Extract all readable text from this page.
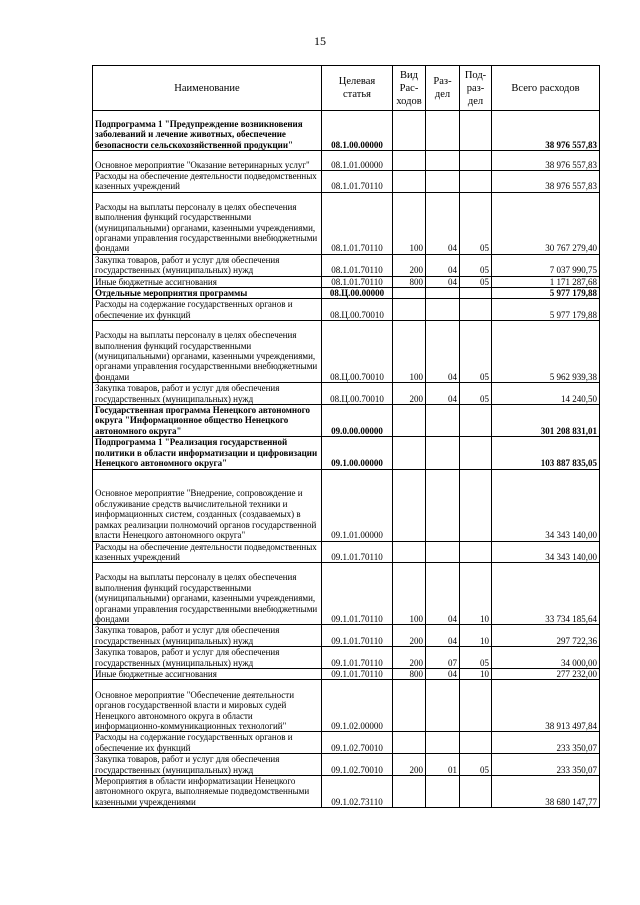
15
Наименование	Целевая статья	Вид Рас-ходов	Раз-дел	Под-раз-дел	Всего расходов
Подпрограмма 1 "Предупреждение возникновения заболеваний и лечение животных, обеспечение безопасности сельскохозяйственной продукции"	08.1.00.00000				38 976 557,83
Основное мероприятие "Оказание ветеринарных услуг"	08.1.01.00000				38 976 557,83
Расходы на обеспечение деятельности подведомственных казенных учреждений	08.1.01.70110				38 976 557,83
Расходы на выплаты персоналу в целях обеспечения выполнения функций государственными (муниципальными) органами, казенными учреждениями, органами управления государственными внебюджетными фондами	08.1.01.70110	100	04	05	30 767 279,40
Закупка товаров, работ и услуг для обеспечения государственных (муниципальных) нужд	08.1.01.70110	200	04	05	7 037 990,75
Иные бюджетные ассигнования	08.1.01.70110	800	04	05	1 171 287,68
Отдельные мероприятия программы	08.Ц.00.00000				5 977 179,88
Расходы на содержание государственных органов и обеспечение их функций	08.Ц.00.70010				5 977 179,88
Расходы на выплаты персоналу в целях обеспечения выполнения функций государственными (муниципальными) органами, казенными учреждениями, органами управления государственными внебюджетными фондами	08.Ц.00.70010	100	04	05	5 962 939,38
Закупка товаров, работ и услуг для обеспечения государственных (муниципальных) нужд	08.Ц.00.70010	200	04	05	14 240,50
Государственная программа Ненецкого автономного округа "Информационное общество Ненецкого автономного округа"	09.0.00.00000				301 208 831,01
Подпрограмма 1 "Реализация государственной политики в области информатизации и цифровизации Ненецкого автономного округа"	09.1.00.00000				103 887 835,05
Основное мероприятие "Внедрение, сопровождение и обслуживание средств вычислительной техники и информационных систем, созданных (создаваемых) в рамках реализации полномочий органов государственной власти Ненецкого автономного округа"	09.1.01.00000				34 343 140,00
Расходы на обеспечение деятельности подведомственных казенных учреждений	09.1.01.70110				34 343 140,00
Расходы на выплаты персоналу в целях обеспечения выполнения функций государственными (муниципальными) органами, казенными учреждениями, органами управления государственными внебюджетными фондами	09.1.01.70110	100	04	10	33 734 185,64
Закупка товаров, работ и услуг для обеспечения государственных (муниципальных) нужд	09.1.01.70110	200	04	10	297 722,36
Закупка товаров, работ и услуг для обеспечения государственных (муниципальных) нужд	09.1.01.70110	200	07	05	34 000,00
Иные бюджетные ассигнования	09.1.01.70110	800	04	10	277 232,00
Основное мероприятие "Обеспечение деятельности органов государственной власти и мировых судей Ненецкого автономного округа в области информационно-коммуникационных технологий"	09.1.02.00000				38 913 497,84
Расходы на содержание государственных органов и обеспечение их функций	09.1.02.70010				233 350,07
Закупка товаров, работ и услуг для обеспечения государственных (муниципальных) нужд	09.1.02.70010	200	01	05	233 350,07
Мероприятия в области информатизации Ненецкого автономного округа, выполняемые подведомственными казенными учреждениями	09.1.02.73110				38 680 147,77
